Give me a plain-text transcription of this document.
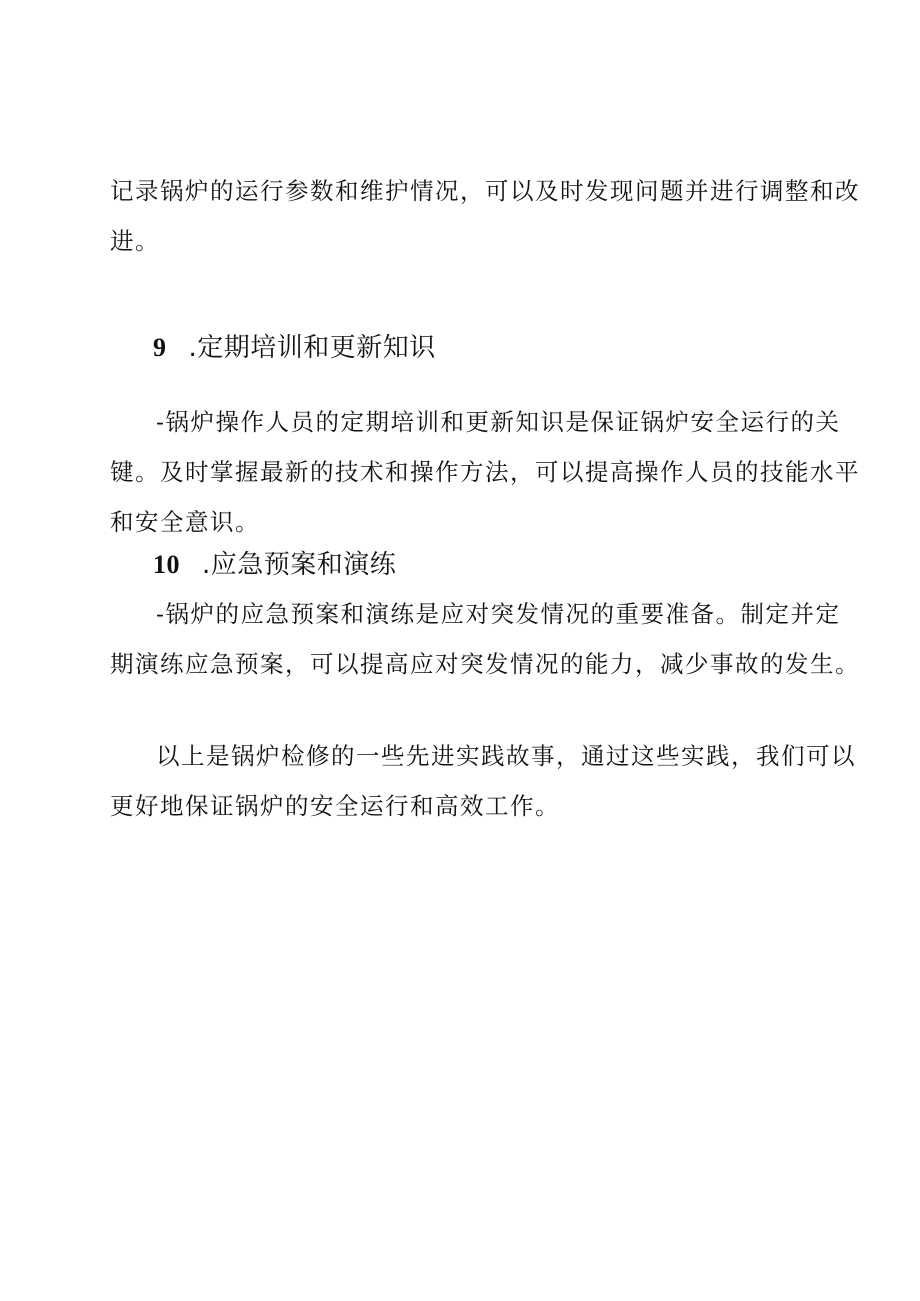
记录锅炉的运行参数和维护情况，可以及时发现问题并进行调整和改
进。
9 .定期培训和更新知识
-锅炉操作人员的定期培训和更新知识是保证锅炉安全运行的关
键。及时掌握最新的技术和操作方法，可以提高操作人员的技能水平
和安全意识。
10 .应急预案和演练
-锅炉的应急预案和演练是应对突发情况的重要准备。制定并定
期演练应急预案，可以提高应对突发情况的能力，减少事故的发生。
以上是锅炉检修的一些先进实践故事，通过这些实践，我们可以
更好地保证锅炉的安全运行和高效工作。
